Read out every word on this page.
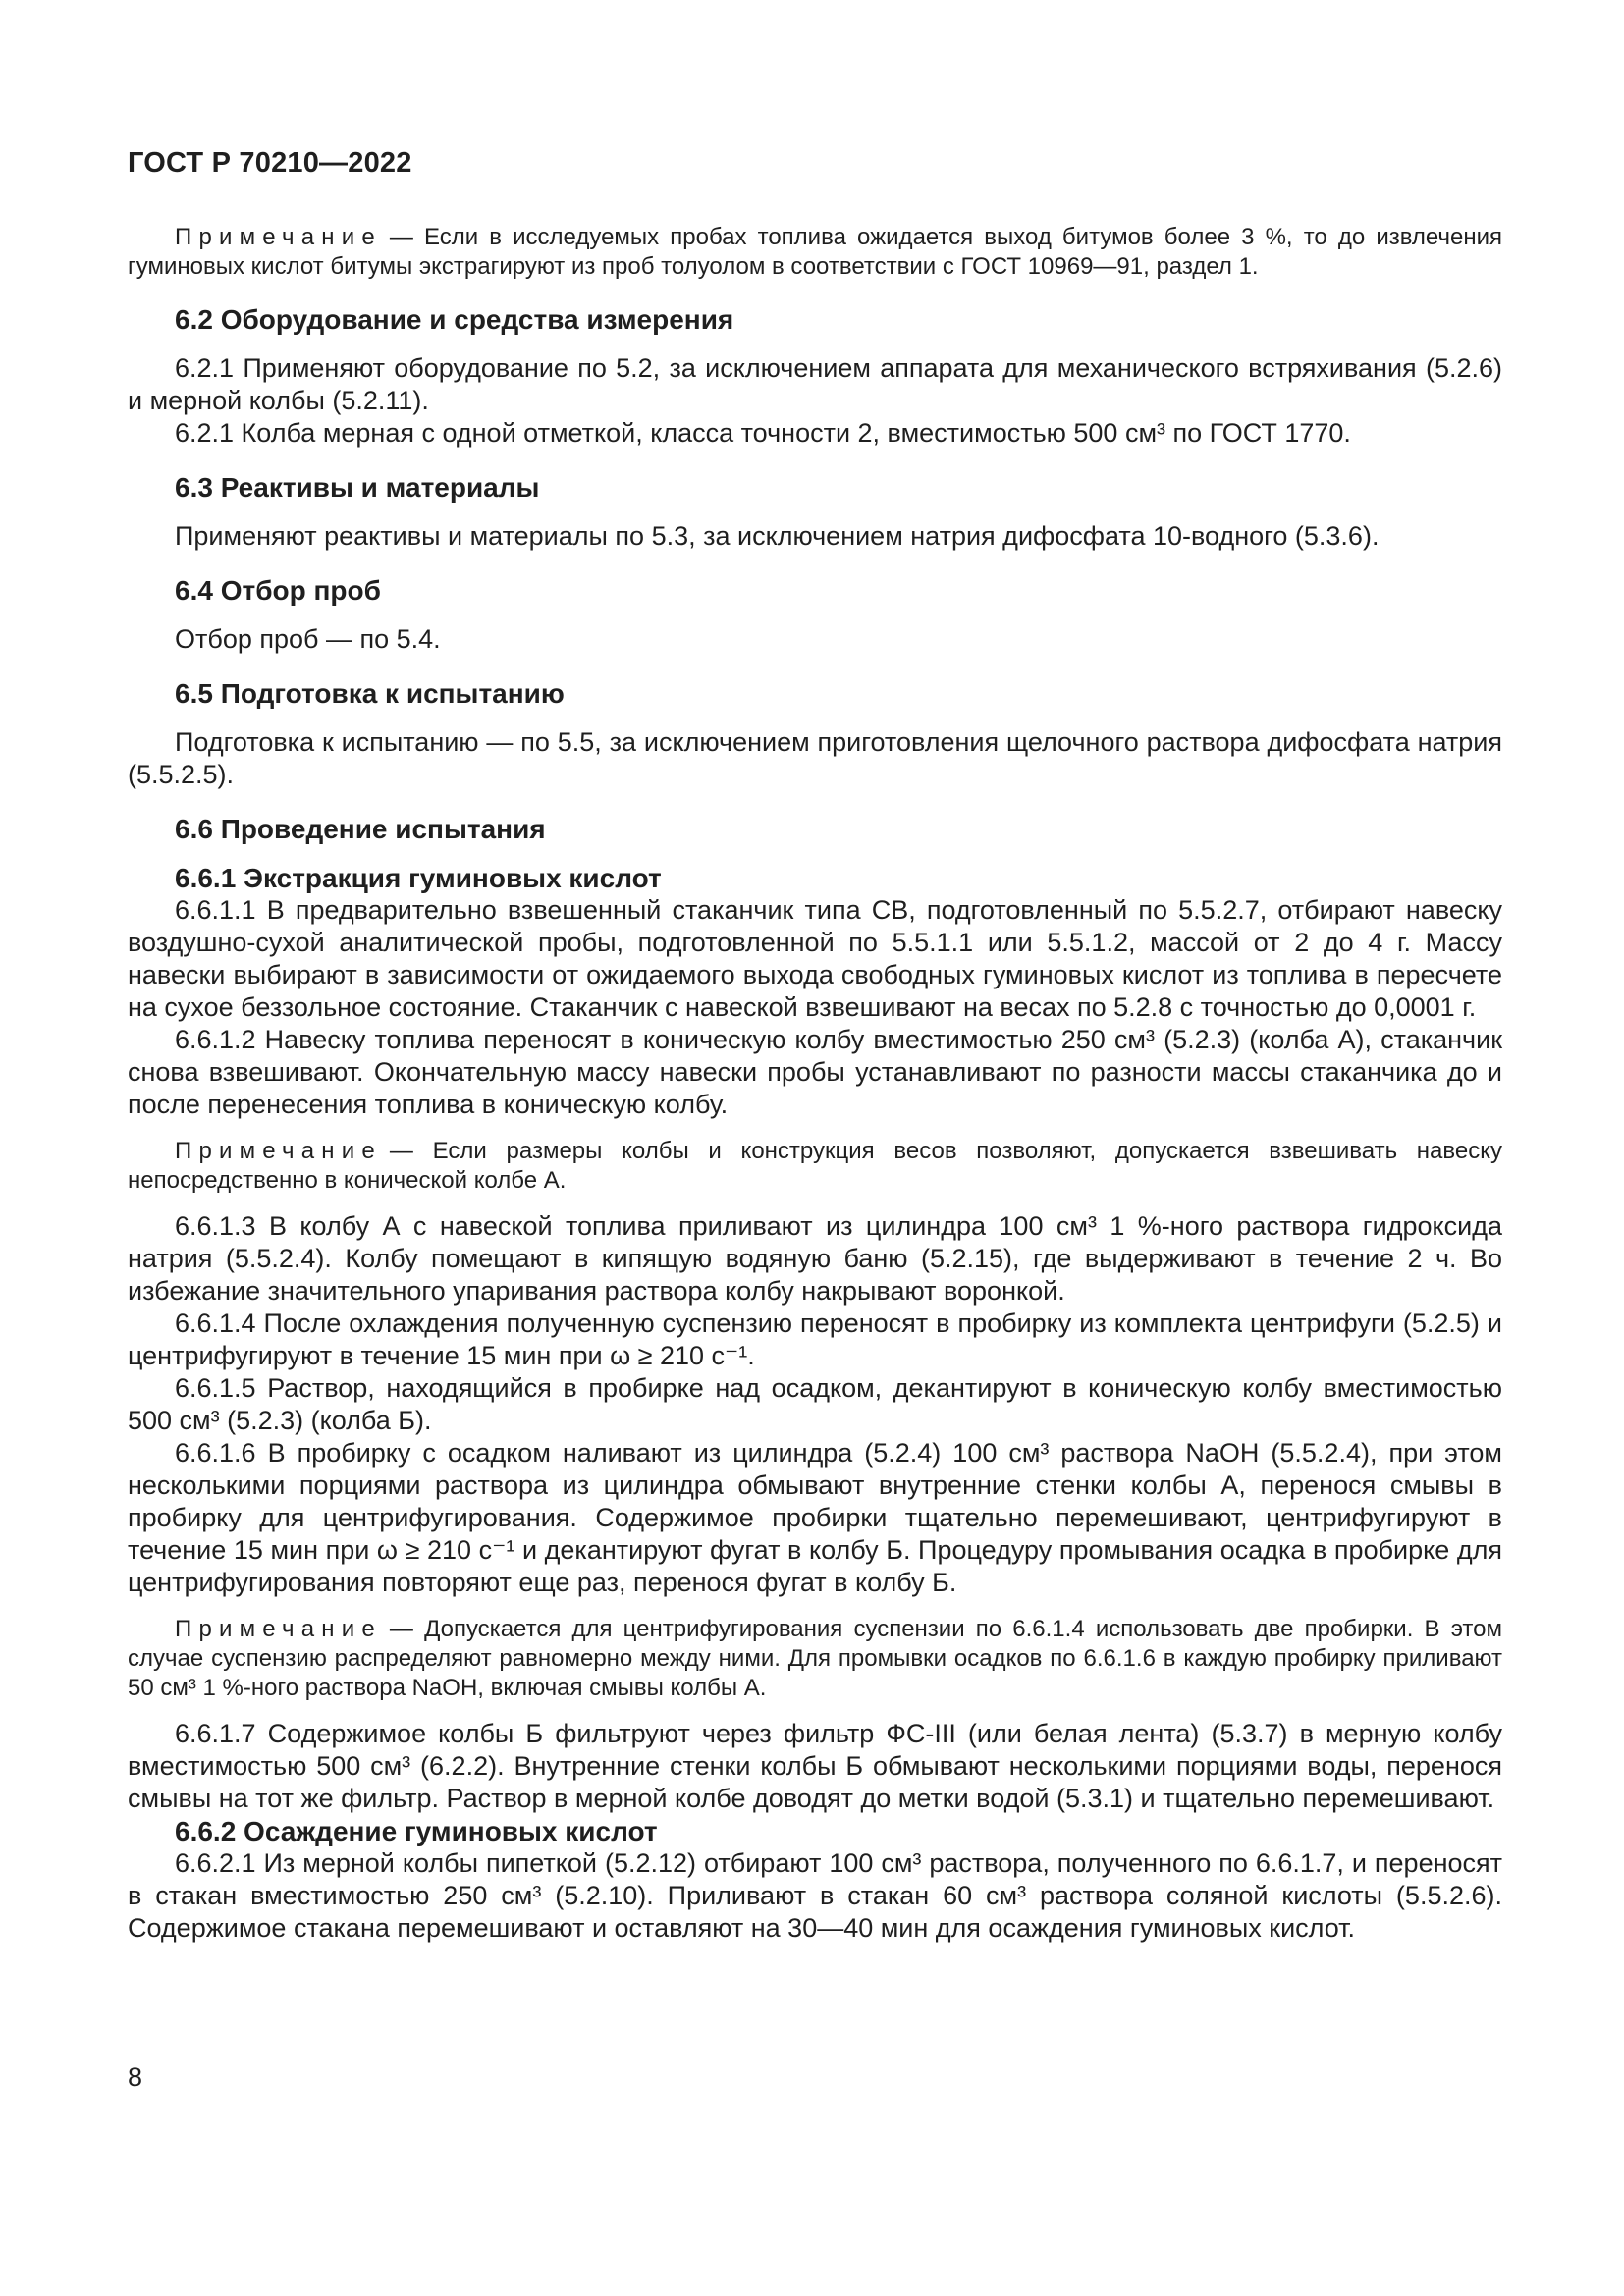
ГОСТ Р 70210—2022

Примечание — Если в исследуемых пробах топлива ожидается выход битумов более 3 %, то до извлечения гуминовых кислот битумы экстрагируют из проб толуолом в соответствии с ГОСТ 10969—91, раздел 1.

6.2 Оборудование и средства измерения

6.2.1 Применяют оборудование по 5.2, за исключением аппарата для механического встряхивания (5.2.6) и мерной колбы (5.2.11).

6.2.1 Колба мерная с одной отметкой, класса точности 2, вместимостью 500 см³ по ГОСТ 1770.

6.3 Реактивы и материалы

Применяют реактивы и материалы по 5.3, за исключением натрия дифосфата 10-водного (5.3.6).

6.4 Отбор проб

Отбор проб — по 5.4.

6.5 Подготовка к испытанию

Подготовка к испытанию — по 5.5, за исключением приготовления щелочного раствора дифосфата натрия (5.5.2.5).

6.6 Проведение испытания

6.6.1 Экстракция гуминовых кислот

6.6.1.1 В предварительно взвешенный стаканчик типа СВ, подготовленный по 5.5.2.7, отбирают навеску воздушно-сухой аналитической пробы, подготовленной по 5.5.1.1 или 5.5.1.2, массой от 2 до 4 г. Массу навески выбирают в зависимости от ожидаемого выхода свободных гуминовых кислот из топлива в пересчете на сухое беззольное состояние. Стаканчик с навеской взвешивают на весах по 5.2.8 с точностью до 0,0001 г.

6.6.1.2 Навеску топлива переносят в коническую колбу вместимостью 250 см³ (5.2.3) (колба А), стаканчик снова взвешивают. Окончательную массу навески пробы устанавливают по разности массы стаканчика до и после перенесения топлива в коническую колбу.

Примечание — Если размеры колбы и конструкция весов позволяют, допускается взвешивать навеску непосредственно в конической колбе А.

6.6.1.3 В колбу А с навеской топлива приливают из цилиндра 100 см³ 1 %-ного раствора гидроксида натрия (5.5.2.4). Колбу помещают в кипящую водяную баню (5.2.15), где выдерживают в течение 2 ч. Во избежание значительного упаривания раствора колбу накрывают воронкой.

6.6.1.4 После охлаждения полученную суспензию переносят в пробирку из комплекта центрифуги (5.2.5) и центрифугируют в течение 15 мин при ω ≥ 210 с⁻¹.

6.6.1.5 Раствор, находящийся в пробирке над осадком, декантируют в коническую колбу вместимостью 500 см³ (5.2.3) (колба Б).

6.6.1.6 В пробирку с осадком наливают из цилиндра (5.2.4) 100 см³ раствора NaOH (5.5.2.4), при этом несколькими порциями раствора из цилиндра обмывают внутренние стенки колбы А, перенося смывы в пробирку для центрифугирования. Содержимое пробирки тщательно перемешивают, центрифугируют в течение 15 мин при ω ≥ 210 с⁻¹ и декантируют фугат в колбу Б. Процедуру промывания осадка в пробирке для центрифугирования повторяют еще раз, перенося фугат в колбу Б.

Примечание — Допускается для центрифугирования суспензии по 6.6.1.4 использовать две пробирки. В этом случае суспензию распределяют равномерно между ними. Для промывки осадков по 6.6.1.6 в каждую пробирку приливают 50 см³ 1 %-ного раствора NaOH, включая смывы колбы А.

6.6.1.7 Содержимое колбы Б фильтруют через фильтр ФС-III (или белая лента) (5.3.7) в мерную колбу вместимостью 500 см³ (6.2.2). Внутренние стенки колбы Б обмывают несколькими порциями воды, перенося смывы на тот же фильтр. Раствор в мерной колбе доводят до метки водой (5.3.1) и тщательно перемешивают.

6.6.2 Осаждение гуминовых кислот

6.6.2.1 Из мерной колбы пипеткой (5.2.12) отбирают 100 см³ раствора, полученного по 6.6.1.7, и переносят в стакан вместимостью 250 см³ (5.2.10). Приливают в стакан 60 см³ раствора соляной кислоты (5.5.2.6). Содержимое стакана перемешивают и оставляют на 30—40 мин для осаждения гуминовых кислот.

8
